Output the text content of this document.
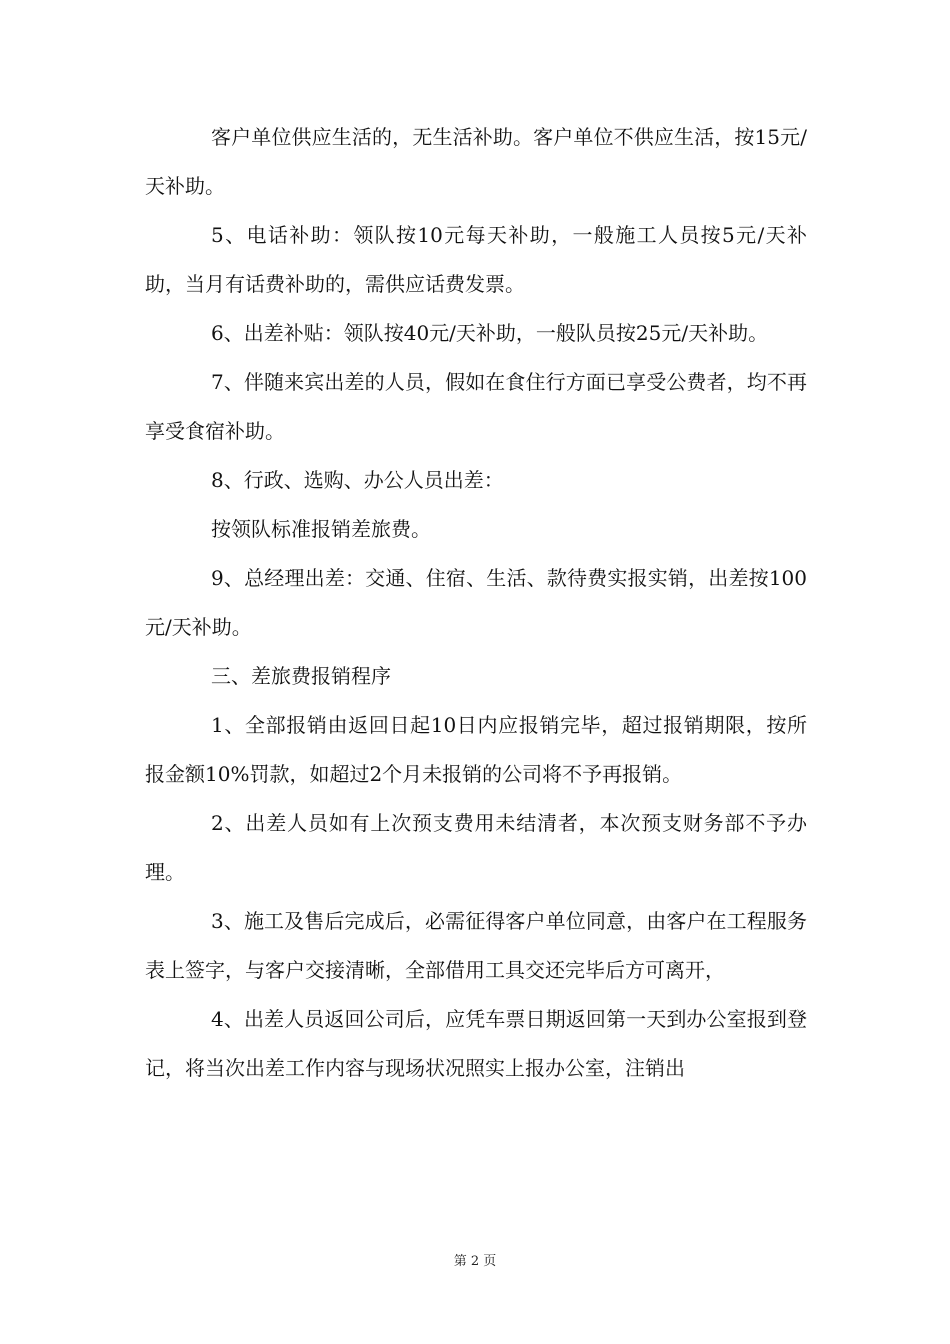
客户单位供应生活的，无生活补助。客户单位不供应生活，按15元/天补助。

5、电话补助：领队按10元每天补助，一般施工人员按5元/天补助，当月有话费补助的，需供应话费发票。

6、出差补贴：领队按40元/天补助，一般队员按25元/天补助。

7、伴随来宾出差的人员，假如在食住行方面已享受公费者，均不再享受食宿补助。

8、行政、选购、办公人员出差：

按领队标准报销差旅费。

9、总经理出差：交通、住宿、生活、款待费实报实销，出差按100元/天补助。

三、差旅费报销程序

1、全部报销由返回日起10日内应报销完毕，超过报销期限，按所报金额10%罚款，如超过2个月未报销的公司将不予再报销。

2、出差人员如有上次预支费用未结清者，本次预支财务部不予办理。

3、施工及售后完成后，必需征得客户单位同意，由客户在工程服务表上签字，与客户交接清晰，全部借用工具交还完毕后方可离开，

4、出差人员返回公司后，应凭车票日期返回第一天到办公室报到登记，将当次出差工作内容与现场状况照实上报办公室，注销出

第 2 页
